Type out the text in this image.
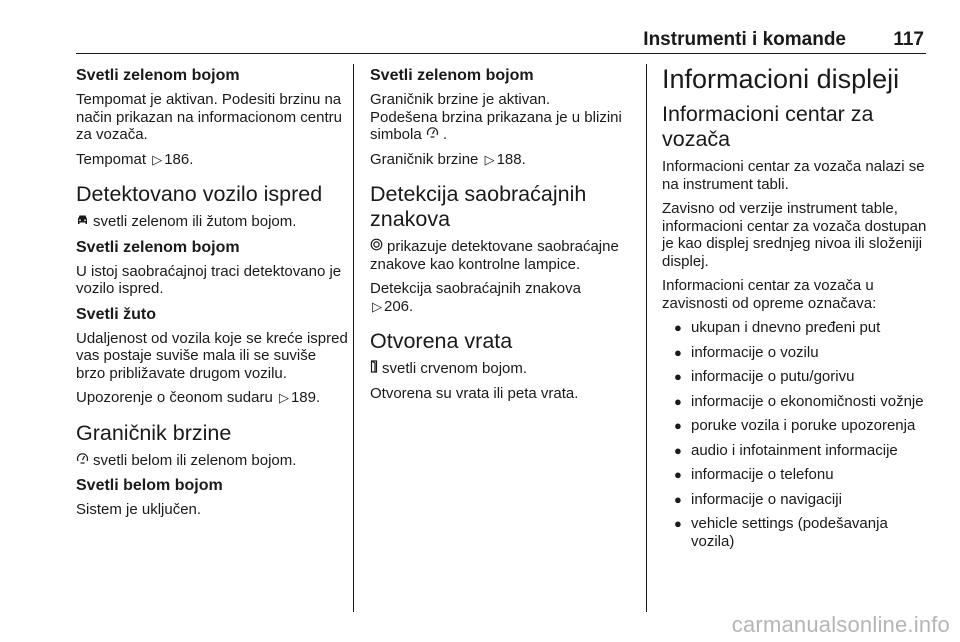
Instrumenti i komande 117
Svetli zelenom bojom
Tempomat je aktivan. Podesiti brzinu na način prikazan na informacionom centru za vozača.
Tempomat ▷ 186.
Detektovano vozilo ispred
svetli zelenom ili žutom bojom.
Svetli zelenom bojom
U istoj saobraćajnoj traci detektovano je vozilo ispred.
Svetli žuto
Udaljenost od vozila koje se kreće ispred vas postaje suviše mala ili se suviše brzo približavate drugom vozilu.
Upozorenje o čeonom sudaru ▷ 189.
Graničnik brzine
svetli belom ili zelenom bojom.
Svetli belom bojom
Sistem je uključen.
Svetli zelenom bojom
Graničnik brzine je aktivan.
Podešena brzina prikazana je u blizini simbola .
Graničnik brzine ▷ 188.
Detekcija saobraćajnih znakova
prikazuje detektovane saobraćajne znakove kao kontrolne lampice.
Detekcija saobraćajnih znakova
▷ 206.
Otvorena vrata
svetli crvenom bojom.
Otvorena su vrata ili peta vrata.
Informacioni displeji
Informacioni centar za vozača
Informacioni centar za vozača nalazi se na instrument tabli.
Zavisno od verzije instrument table, informacioni centar za vozača dostupan je kao displej srednjeg nivoa ili složeniji displej.
Informacioni centar za vozača u zavisnosti od opreme označava:
● ukupan i dnevno pređeni put
● informacije o vozilu
● informacije o putu/gorivu
● informacije o ekonomičnosti vožnje
● poruke vozila i poruke upozorenja
● audio i infotainment informacije
● informacije o telefonu
● informacije o navigaciji
● vehicle settings (podešavanja vozila)
carmanualsonline.info
